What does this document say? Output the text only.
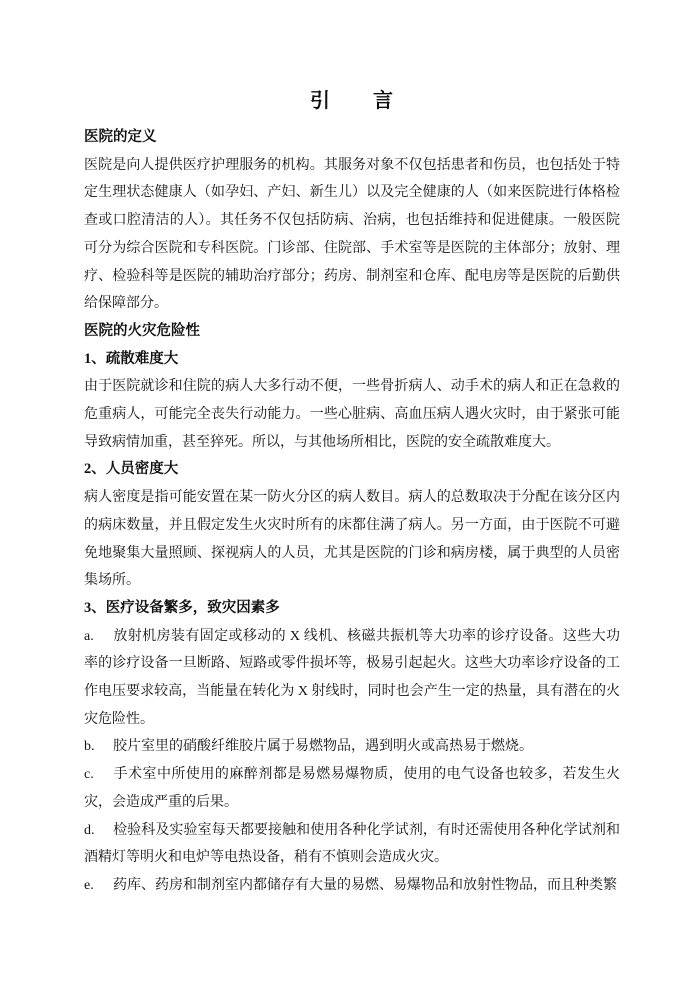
引　　言
医院的定义
医院是向人提供医疗护理服务的机构。其服务对象不仅包括患者和伤员，也包括处于特定生理状态健康人（如孕妇、产妇、新生儿）以及完全健康的人（如来医院进行体格检查或口腔清洁的人）。其任务不仅包括防病、治病，也包括维持和促进健康。一般医院可分为综合医院和专科医院。门诊部、住院部、手术室等是医院的主体部分；放射、理疗、检验科等是医院的辅助治疗部分；药房、制剂室和仓库、配电房等是医院的后勤供给保障部分。
医院的火灾危险性
1、疏散难度大
由于医院就诊和住院的病人大多行动不便，一些骨折病人、动手术的病人和正在急救的危重病人，可能完全丧失行动能力。一些心脏病、高血压病人遇火灾时，由于紧张可能导致病情加重，甚至猝死。所以，与其他场所相比，医院的安全疏散难度大。
2、人员密度大
病人密度是指可能安置在某一防火分区的病人数目。病人的总数取决于分配在该分区内的病床数量，并且假定发生火灾时所有的床都住满了病人。另一方面，由于医院不可避免地聚集大量照顾、探视病人的人员，尤其是医院的门诊和病房楼，属于典型的人员密集场所。
3、医疗设备繁多，致灾因素多
a. 放射机房装有固定或移动的 X 线机、核磁共振机等大功率的诊疗设备。这些大功率的诊疗设备一旦断路、短路或零件损坏等，极易引起起火。这些大功率诊疗设备的工作电压要求较高，当能量在转化为 X 射线时，同时也会产生一定的热量，具有潜在的火灾危险性。
b. 胶片室里的硝酸纤维胶片属于易燃物品，遇到明火或高热易于燃烧。
c. 手术室中所使用的麻醉剂都是易燃易爆物质，使用的电气设备也较多，若发生火灾，会造成严重的后果。
d. 检验科及实验室每天都要接触和使用各种化学试剂，有时还需使用各种化学试剂和酒精灯等明火和电炉等电热设备，稍有不慎则会造成火灾。
e. 药库、药房和制剂室内都储存有大量的易燃、易爆物品和放射性物品，而且种类繁
